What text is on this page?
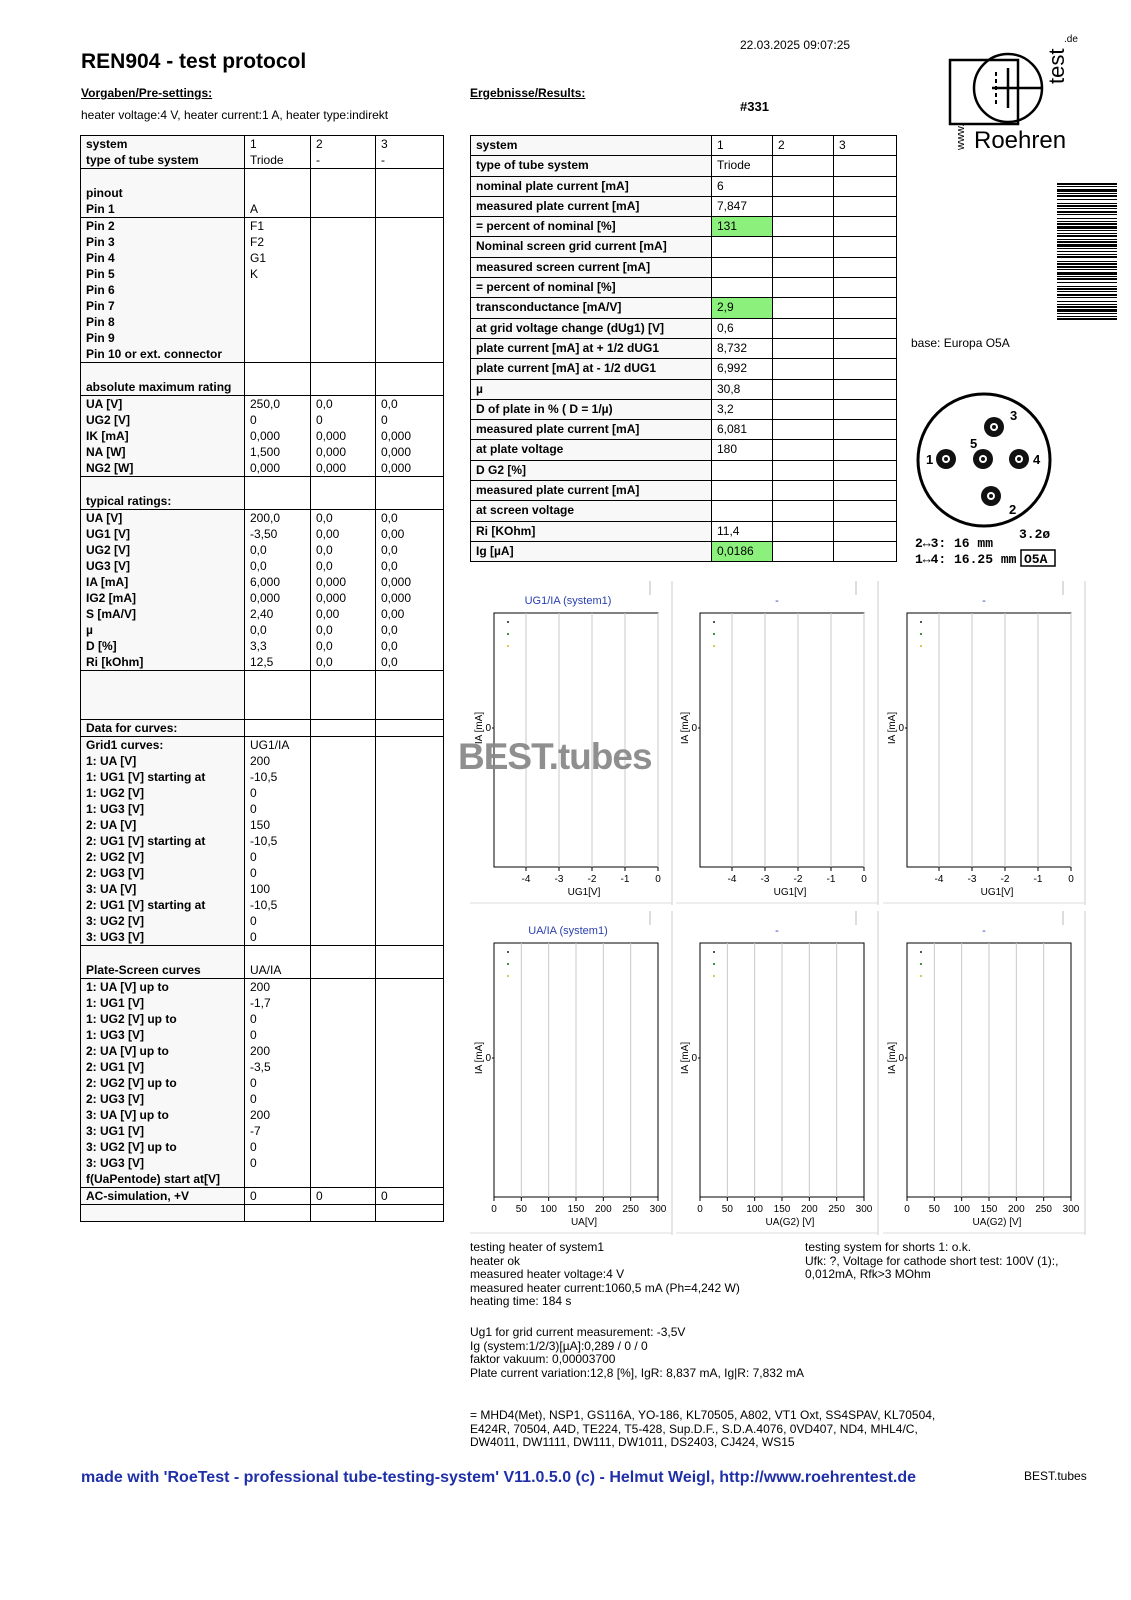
REN904 - test protocol
22.03.2025 09:07:25
Vorgaben/Pre-settings:
heater voltage:4 V, heater current:1 A, heater type:indirekt
Ergebnisse/Results:
#331
www. Roehren
test
.de
system	1	2	3
type of tube system	Triode	-	-

pinout			
Pin 1	A		
Pin 2	F1		
Pin 3	F2		
Pin 4	G1		
Pin 5	K		
Pin 6			
Pin 7			
Pin 8			
Pin 9			
Pin 10 or ext. connector			

absolute maximum rating			
UA [V]	250,0	0,0	0,0
UG2 [V]	0	0	0
IK [mA]	0,000	0,000	0,000
NA [W]	1,500	0,000	0,000
NG2 [W]	0,000	0,000	0,000

typical ratings:			
UA [V]	200,0	0,0	0,0
UG1 [V]	-3,50	0,00	0,00
UG2 [V]	0,0	0,0	0,0
UG3 [V]	0,0	0,0	0,0
IA [mA]	6,000	0,000	0,000
IG2 [mA]	0,000	0,000	0,000
S [mA/V]	2,40	0,00	0,00
µ	0,0	0,0	0,0
D [%]	3,3	0,0	0,0
Ri [kOhm]	12,5	0,0	0,0

Data for curves:			
Grid1 curves:	UG1/IA		
1: UA [V]	200		
1: UG1 [V] starting at	-10,5		
1: UG2 [V]	0		
1: UG3 [V]	0		
2: UA [V]	150		
2: UG1 [V] starting at	-10,5		
2: UG2 [V]	0		
2: UG3 [V]	0		
3: UA [V]	100		
2: UG1 [V] starting at	-10,5		
3: UG2 [V]	0		
3: UG3 [V]	0		

Plate-Screen curves	UA/IA		
1: UA [V] up to	200		
1: UG1 [V]	-1,7		
1: UG2 [V] up to	0		
1: UG3 [V]	0		
2: UA [V] up to	200		
2: UG1 [V]	-3,5		
2: UG2 [V] up to	0		
2: UG3 [V]	0		
3: UA [V] up to	200		
3: UG1 [V]	-7		
3: UG2 [V] up to	0		
3: UG3 [V]	0		
f(UaPentode) start at[V]			
AC-simulation, +V	0	0	0

system	1	2	3
type of tube system	Triode		
nominal plate current [mA]	6		
measured plate current [mA]	7,847		
= percent of nominal [%]	131		
Nominal screen grid current [mA]			
measured screen current [mA]			
= percent of nominal [%]			
transconductance [mA/V]	2,9		
at grid voltage change (dUg1) [V]	0,6		
plate current [mA] at + 1/2 dUG1	8,732		
plate current [mA] at - 1/2 dUG1	6,992		
µ	30,8		
D of plate in % ( D = 1/µ)	3,2		
measured plate current [mA]	6,081		
at plate voltage	180		
D G2 [%]			
measured plate current [mA]			
at screen voltage			
Ri [KOhm]	11,4		
Ig [µA]	0,0186		
base: Europa O5A
1
2
3
4
5
2↔3: 16 mm
1↔4: 16.25 mm
3.2ø
O5A
UG1/IA (system1)
-4 -3 -2 -1	0
UG1[V]
IA [mA] 0
-
-4 -3 -2 -1	0
UG1[V]
IA [mA] 0
-
-4 -3 -2 -1	0
UG1[V]
IA [mA] 0
UA/IA (system1)
0 50 100 150 200 250 300
UA[V]
IA [mA] 0
-
0 50 100 150 200 250 300
UA(G2) [V]
IA [mA] 0
-
0 50 100 150 200 250 300
UA(G2) [V]
IA [mA] 0
BEST.tubes
testing heater of system1
heater ok
measured heater voltage:4 V
measured heater current:1060,5 mA (Ph=4,242 W)
heating time: 184 s
testing system for shorts 1: o.k.
Ufk: ?, Voltage for cathode short test: 100V (1):,
0,012mA, Rfk>3 MOhm
Ug1 for grid current measurement: -3,5V
Ig (system:1/2/3)[µA]:0,289 / 0 / 0
faktor vakuum: 0,00003700
Plate current variation:12,8 [%], IgR: 8,837 mA, Ig|R: 7,832 mA
= MHD4(Met), NSP1, GS116A, YO-186, KL70505, A802, VT1 Oxt, SS4SPAV, KL70504,
E424R, 70504, A4D, TE224, T5-428, Sup.D.F., S.D.A.4076, 0VD407, ND4, MHL4/C,
DW4011, DW1111, DW111, DW1011, DS2403, CJ424, WS15
made with 'RoeTest - professional tube-testing-system' V11.0.5.0 (c) - Helmut Weigl, http://www.roehrentest.de	BEST.tubes
